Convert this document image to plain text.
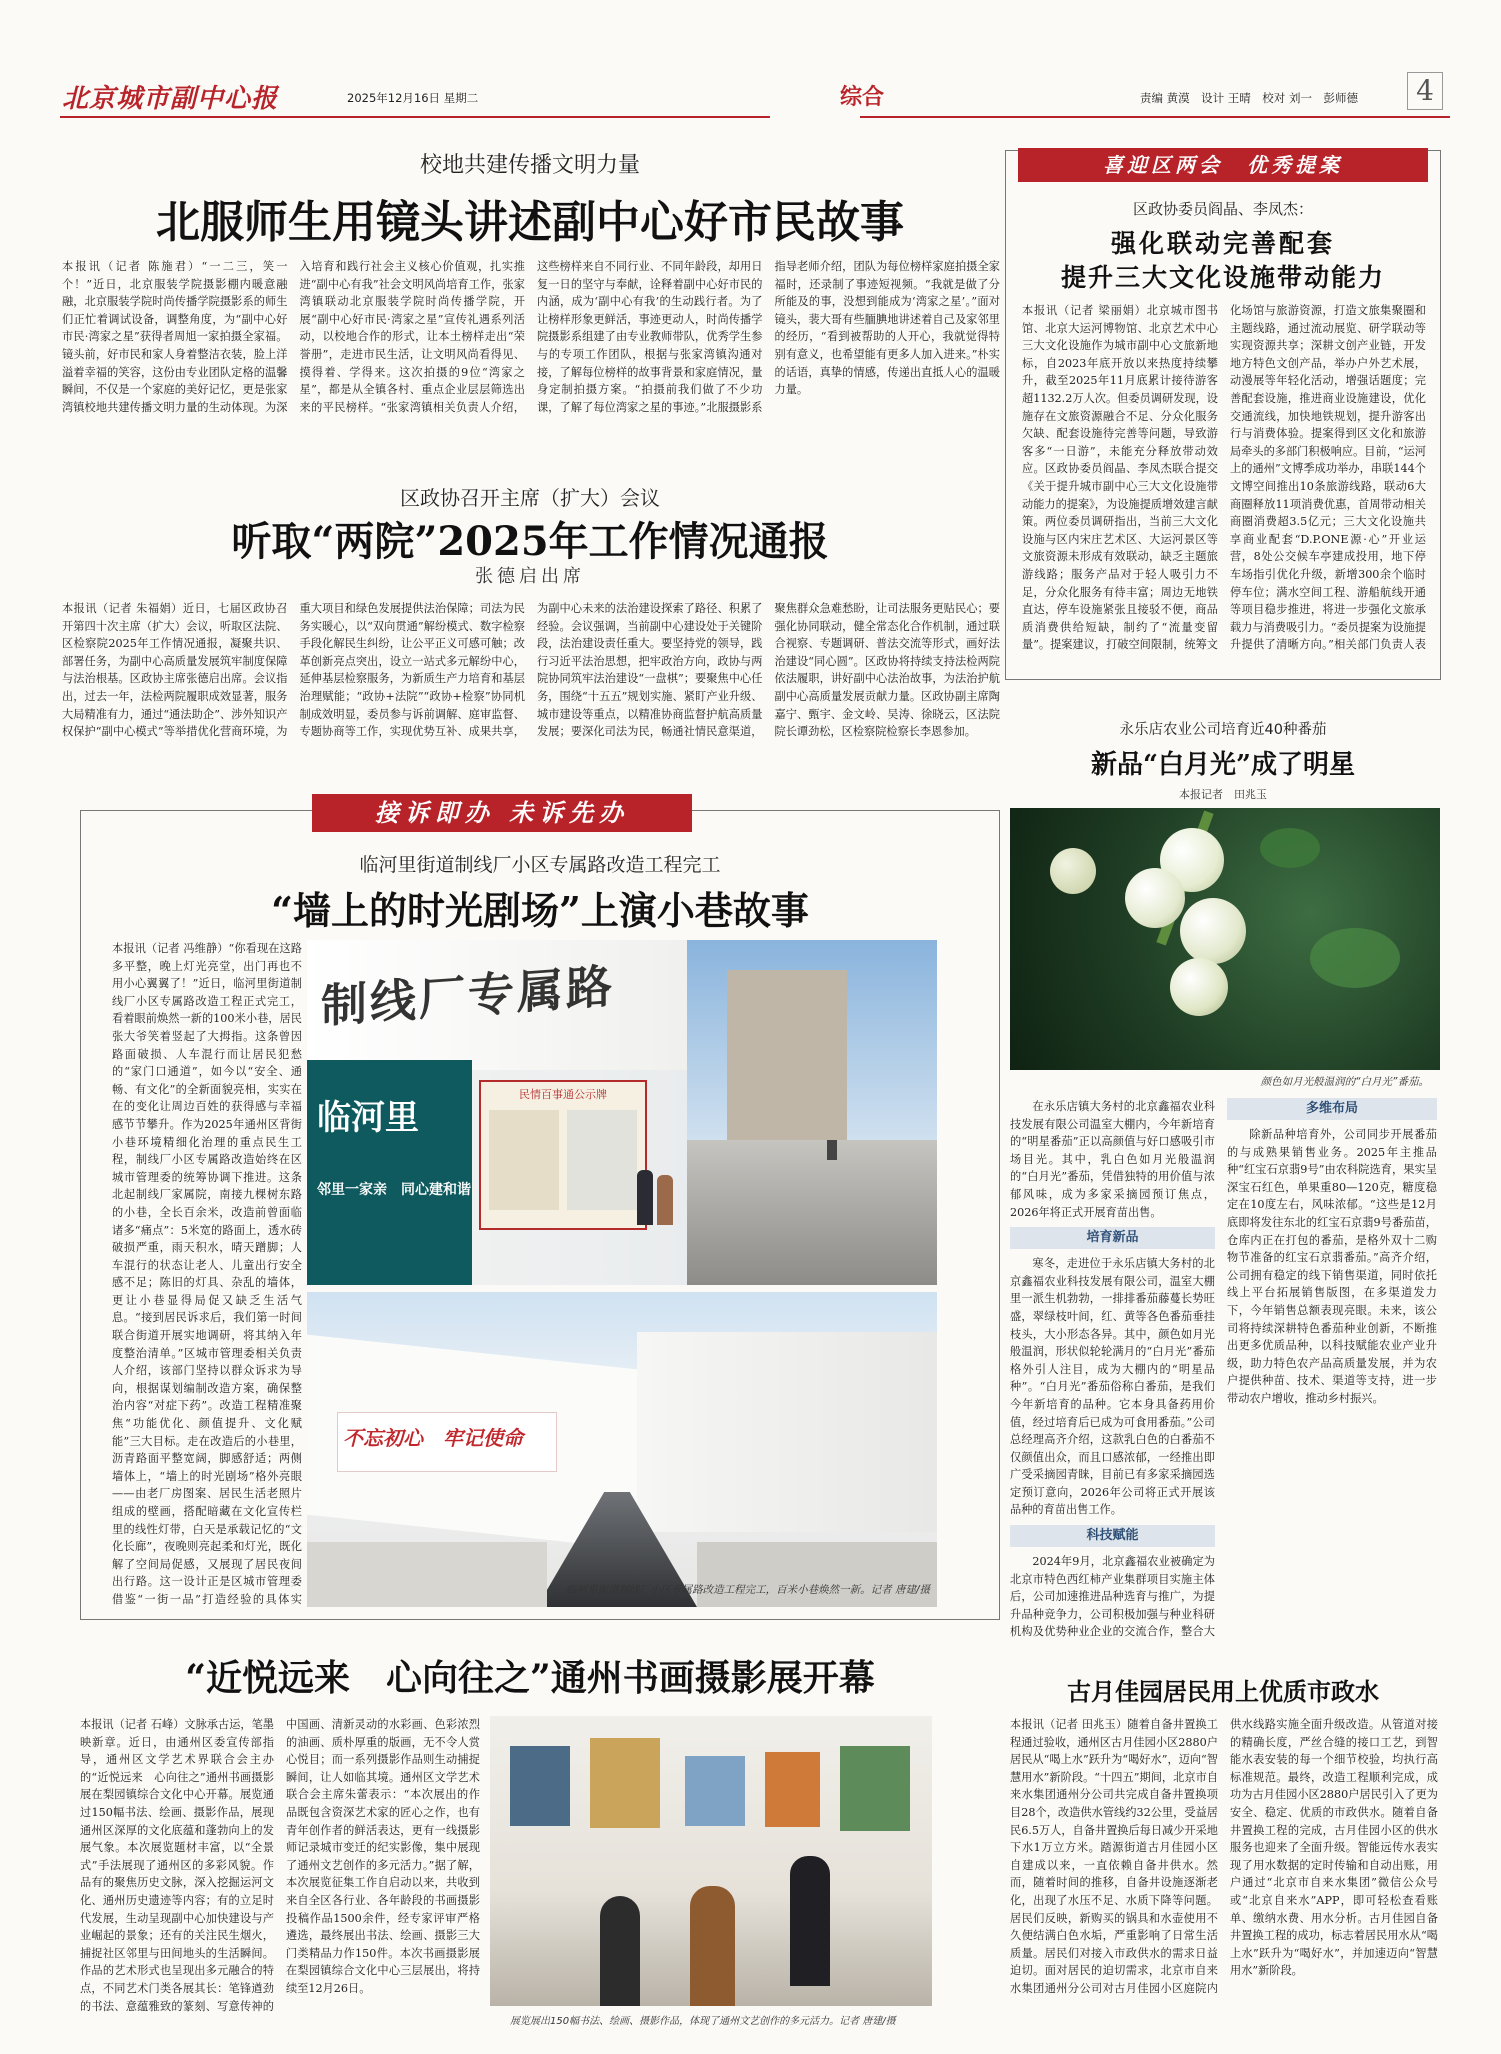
北京城市副中心报	2025年12月16日 星期二	综合	责编 黄漠　设计 王晴　校对 刘一　彭师德	4
校地共建传播文明力量
北服师生用镜头讲述副中心好市民故事
本报讯（记者 陈施君）“一二三，笑一个！”近日，北京服装学院摄影棚内暖意融融，北京服装学院时尚传播学院摄影系的师生们正忙着调试设备，调整角度，为“副中心好市民·湾家之星”获得者周旭一家拍摄全家福。镜头前，好市民和家人身着整洁衣装，脸上洋溢着幸福的笑容，这份由专业团队定格的温馨瞬间，不仅是一个家庭的美好记忆，更是张家湾镇校地共建传播文明力量的生动体现。为深入培育和践行社会主义核心价值观，扎实推进“副中心有我”社会文明风尚培育工作，张家湾镇联动北京服装学院时尚传播学院，开展“副中心好市民·湾家之星”宣传礼遇系列活动，以校地合作的形式，让本土榜样走出“荣誉册”，走进市民生活，让文明风尚看得见、摸得着、学得来。这次拍摄的9位“湾家之星”，都是从全镇各村、重点企业层层筛选出来的平民榜样。“张家湾镇相关负责人介绍，这些榜样来自不同行业、不同年龄段，却用日复一日的坚守与奉献，诠释着副中心好市民的内涵，成为‘副中心有我’的生动践行者。为了让榜样形象更鲜活，事迹更动人，时尚传播学院摄影系组建了由专业教师带队，优秀学生参与的专项工作团队，根据与张家湾镇沟通对接，了解每位榜样的故事背景和家庭情况，量身定制拍摄方案。“拍摄前我们做了不少功课，了解了每位湾家之星的事迹。”北服摄影系指导老师介绍，团队为每位榜样家庭拍摄全家福时，还录制了事迹短视频。“我就是做了分所能及的事，没想到能成为‘湾家之星’。”面对镜头，裴大哥有些腼腆地讲述着自己及家邻里的经历，“看到被帮助的人开心，我就觉得特别有意义，也希望能有更多人加入进来。”朴实的话语，真挚的情感，传递出直抵人心的温暖力量。
区政协召开主席（扩大）会议
听取“两院”2025年工作情况通报
张德启出席
本报讯（记者 朱福娟）近日，七届区政协召开第四十次主席（扩大）会议，听取区法院、区检察院2025年工作情况通报，凝聚共识、部署任务，为副中心高质量发展筑牢制度保障与法治根基。区政协主席张德启出席。会议指出，过去一年，法检两院履职成效显著，服务大局精准有力，通过“通法助企”、涉外知识产权保护“副中心模式”等举措优化营商环境，为重大项目和绿色发展提供法治保障；司法为民务实暖心，以“双向贯通”解纷模式、数字检察手段化解民生纠纷，让公平正义可感可触；改革创新亮点突出，设立一站式多元解纷中心，延伸基层检察服务，为新质生产力培育和基层治理赋能；“政协+法院”“政协+检察”协同机制成效明显，委员参与诉前调解、庭审监督、专题协商等工作，实现优势互补、成果共享，为副中心未来的法治建设探索了路径、积累了经验。会议强调，当前副中心建设处于关键阶段，法治建设责任重大。要坚持党的领导，践行习近平法治思想，把牢政治方向，政协与两院协同筑牢法治建设“一盘棋”；要聚焦中心任务，围绕“十五五”规划实施、紧盯产业升级、城市建设等重点，以精准协商监督护航高质量发展；要深化司法为民，畅通社情民意渠道，聚焦群众急难愁盼，让司法服务更贴民心；要强化协同联动，健全常态化合作机制，通过联合视察、专题调研、普法交流等形式，画好法治建设“同心圆”。区政协将持续支持法检两院依法履职，讲好副中心法治故事，为法治护航副中心高质量发展贡献力量。区政协副主席陶嘉宁、甄宇、金文岭、吴涛、徐晓云，区法院院长谭劲松，区检察院检察长李恩参加。
接诉即办 未诉先办
临河里街道制线厂小区专属路改造工程完工
“墙上的时光剧场”上演小巷故事
本报讯（记者 冯维静）“你看现在这路多平整，晚上灯光亮堂，出门再也不用小心翼翼了！”近日，临河里街道制线厂小区专属路改造工程正式完工，看着眼前焕然一新的100米小巷，居民张大爷笑着竖起了大拇指。这条曾因路面破损、人车混行而让居民犯愁的“家门口通道”，如今以“安全、通畅、有文化”的全新面貌亮相，实实在在的变化让周边百姓的获得感与幸福感节节攀升。作为2025年通州区背街小巷环境精细化治理的重点民生工程，制线厂小区专属路改造始终在区城市管理委的统筹协调下推进。这条北起制线厂家属院，南接九棵树东路的小巷，全长百余米，改造前曾面临诸多“痛点”：5米宽的路面上，透水砖破损严重，雨天积水，晴天蹭脚；人车混行的状态让老人、儿童出行安全感不足；陈旧的灯具、杂乱的墙体，更让小巷显得局促又缺乏生活气息。“接到居民诉求后，我们第一时间联合街道开展实地调研，将其纳入年度整治清单。”区城市管理委相关负责人介绍，该部门坚持以群众诉求为导向，根据谋划编制改造方案，确保整治内容“对症下药”。改造工程精准聚焦“功能优化、颜值提升、文化赋能”三大目标。走在改造后的小巷里，沥青路面平整宽阔，脚感舒适；两侧墙体上，“墙上的时光剧场”格外亮眼——由老厂房图案、居民生活老照片组成的壁画，搭配暗藏在文化宣传栏里的线性灯带，白天是承载记忆的“文化长廊”，夜晚则亮起柔和灯光，既化解了空间局促感，又展现了居民夜间出行路。这一设计正是区城市管理委借鉴“一街一品”打造经验的具体实
制线厂专属路
临河里
邻里一家亲　同心建和谐
民情百事通公示牌
不忘初心　牢记使命
临河里街道制线厂小区专属路改造工程完工，百米小巷焕然一新。记者 唐建/摄
“近悦远来　心向往之”通州书画摄影展开幕
本报讯（记者 石峰）文脉承古运，笔墨映新章。近日，由通州区委宣传部指导，通州区文学艺术界联合会主办的“近悦远来　心向往之”通州书画摄影展在梨园镇综合文化中心开幕。展览通过150幅书法、绘画、摄影作品，展现通州区深厚的文化底蕴和蓬勃向上的发展气象。本次展览题材丰富，以“全景式”手法展现了通州区的多彩风貌。作品有的聚焦历史文脉，深入挖掘运河文化、通州历史遗迹等内容；有的立足时代发展，生动呈现副中心加快建设与产业崛起的景象；还有的关注民生烟火，捕捉社区邻里与田间地头的生活瞬间。作品的艺术形式也呈现出多元融合的特点，不同艺术门类各展其长：笔锋遒劲的书法、意蕴雅致的篆刻、写意传神的中国画、清新灵动的水彩画、色彩浓烈的油画、质朴厚重的版画，无不令人赏心悦目；而一系列摄影作品则生动捕捉瞬间，让人如临其境。通州区文学艺术联合会主席朱蕾表示：“本次展出的作品既包含资深艺术家的匠心之作，也有青年创作者的鲜活表达，更有一线摄影师记录城市变迁的纪实影像，集中展现了通州文艺创作的多元活力。”据了解，本次展览征集工作自启动以来，共收到来自全区各行业、各年龄段的书画摄影投稿作品1500余件，经专家评审严格遴选，最终展出书法、绘画、摄影三大门类精品力作150件。本次书画摄影展在梨园镇综合文化中心三层展出，将持续至12月26日。
展览展出150幅书法、绘画、摄影作品，体现了通州文艺创作的多元活力。记者 唐建/摄
喜迎区两会　优秀提案
区政协委员阎晶、李凤杰：
强化联动完善配套
提升三大文化设施带动能力
本报讯（记者 梁丽娟）北京城市图书馆、北京大运河博物馆、北京艺术中心三大文化设施作为城市副中心文旅新地标，自2023年底开放以来热度持续攀升，截至2025年11月底累计接待游客超1132.2万人次。但委员调研发现，设施存在文旅资源融合不足、分众化服务欠缺、配套设施待完善等问题，导致游客多“一日游”，未能充分释放带动效应。区政协委员阎晶、李凤杰联合提交《关于提升城市副中心三大文化设施带动能力的提案》，为设施提质增效建言献策。两位委员调研指出，当前三大文化设施与区内宋庄艺术区、大运河景区等文旅资源未形成有效联动，缺乏主题旅游线路；服务产品对于轻人吸引力不足，分众化服务有待丰富；周边无地铁直达，停车设施紧张且接驳不便，商品质消费供给短缺，制约了“流量变留量”。提案建议，打破空间限制，统筹文化场馆与旅游资源，打造文旅集聚圈和主题线路，通过流动展览、研学联动等实现资源共享；深耕文创产业链，开发地方特色文创产品，举办户外艺术展，动漫展等年轻化活动，增强话题度；完善配套设施，推进商业设施建设，优化交通流线，加快地铁规划，提升游客出行与消费体验。提案得到区文化和旅游局牵头的多部门积极响应。目前，“运河上的通州”文博季成功举办，串联144个文博空间推出10条旅游线路，联动6大商圈释放11项消费优惠，首周带动相关商圈消费超3.5亿元；三大文化设施共享商业配套“D.P.ONE源·心”开业运营，8处公交候车亭建成投用，地下停车场指引优化升级，新增300余个临时停车位；满水空间工程、游船航线开通等项目稳步推进，将进一步强化文旅承载力与消费吸引力。“委员提案为设施提升提供了清晰方向。”相关部门负责人表
永乐店农业公司培育近40种番茄
新品“白月光”成了明星
本报记者　田兆玉
颜色如月光般温润的“白月光”番茄。

在永乐店镇大务村的北京鑫福农业科技发展有限公司温室大棚内，今年新培育的“明星番茄”正以高颜值与好口感吸引市场目光。其中，乳白色如月光般温润的“白月光”番茄，凭借独特的用价值与浓郁风味，成为多家采摘园预订焦点，2026年将正式开展育苗出售。

培育新品

寒冬，走进位于永乐店镇大务村的北京鑫福农业科技发展有限公司，温室大棚里一派生机勃勃，一排排番茄藤蔓长势旺盛，翠绿枝叶间，红、黄等各色番茄垂挂枝头，大小形态各异。其中，颜色如月光般温润，形状似轮轮满月的“白月光”番茄格外引人注目，成为大棚内的“明星品种”。“白月光”番茄俗称白番茄，是我们今年新培育的品种。它本身具备药用价值，经过培育后已成为可食用番茄。”公司总经理高齐介绍，这款乳白色的白番茄不仅颜值出众，而且口感浓郁，一经推出即广受采摘园青睐，目前已有多家采摘园选定预订意向，2026年公司将正式开展该品种的育苗出售工作。

科技赋能

2024年9月，北京鑫福农业被确定为北京市特色西红柿产业集群项目实施主体后，公司加速推进品种选育与推广，为提升品种竞争力，公司积极加强与种业科研机构及优势种业企业的交流合作，整合大

多维布局

除新品种培育外，公司同步开展番茄的与成熟果销售业务。2025年主推品种“红宝石京翡9号”由农科院选育，果实呈深宝石红色，单果重80—120克，糖度稳定在10度左右，风味浓郁。“这些是12月底即将发往东北的红宝石京翡9号番茄苗，仓库内正在打包的番茄，是格外双十二购物节准备的红宝石京翡番茄。”高齐介绍，公司拥有稳定的线下销售渠道，同时依托线上平台拓展销售版图，在多渠道发力下，今年销售总额表现亮眼。未来，该公司将持续深耕特色番茄种业创新，不断推出更多优质品种，以科技赋能农业产业升级，助力特色农产品高质量发展，并为农户提供种苗、技术、渠道等支持，进一步带动农户增收，推动乡村振兴。

古月佳园居民用上优质市政水
本报讯（记者 田兆玉）随着自备井置换工程通过验收，通州区古月佳园小区2880户居民从“喝上水”跃升为“喝好水”，迈向“智慧用水”新阶段。“十四五”期间，北京市自来水集团通州分公司共完成自备井置换项目28个，改造供水管线约32公里，受益居民6.5万人，自备井置换后每日减少开采地下水1万立方米。踏源街道古月佳园小区自建成以来，一直依赖自备井供水。然而，随着时间的推移，自备井设施逐渐老化，出现了水压不足、水质下降等问题。居民们反映，新购买的锅具和水壶使用不久便结满白色水垢，严重影响了日常生活质量。居民们对接入市政供水的需求日益迫切。面对居民的迫切需求，北京市自来水集团通州分公司对古月佳园小区庭院内供水线路实施全面升级改造。从管道对接的精确长度，严丝合缝的接口工艺，到智能水表安装的每一个细节校验，均执行高标准规范。最终，改造工程顺利完成，成功为古月佳园小区2880户居民引入了更为安全、稳定、优质的市政供水。随着自备井置换工程的完成，古月佳园小区的供水服务也迎来了全面升级。智能远传水表实现了用水数据的定时传输和自动出账，用户通过“北京市自来水集团”微信公众号或“北京自来水”APP，即可轻松查看账单、缴纳水费、用水分析。古月佳园自备井置换工程的成功，标志着居民用水从“喝上水”跃升为“喝好水”，并加速迈向“智慧用水”新阶段。
